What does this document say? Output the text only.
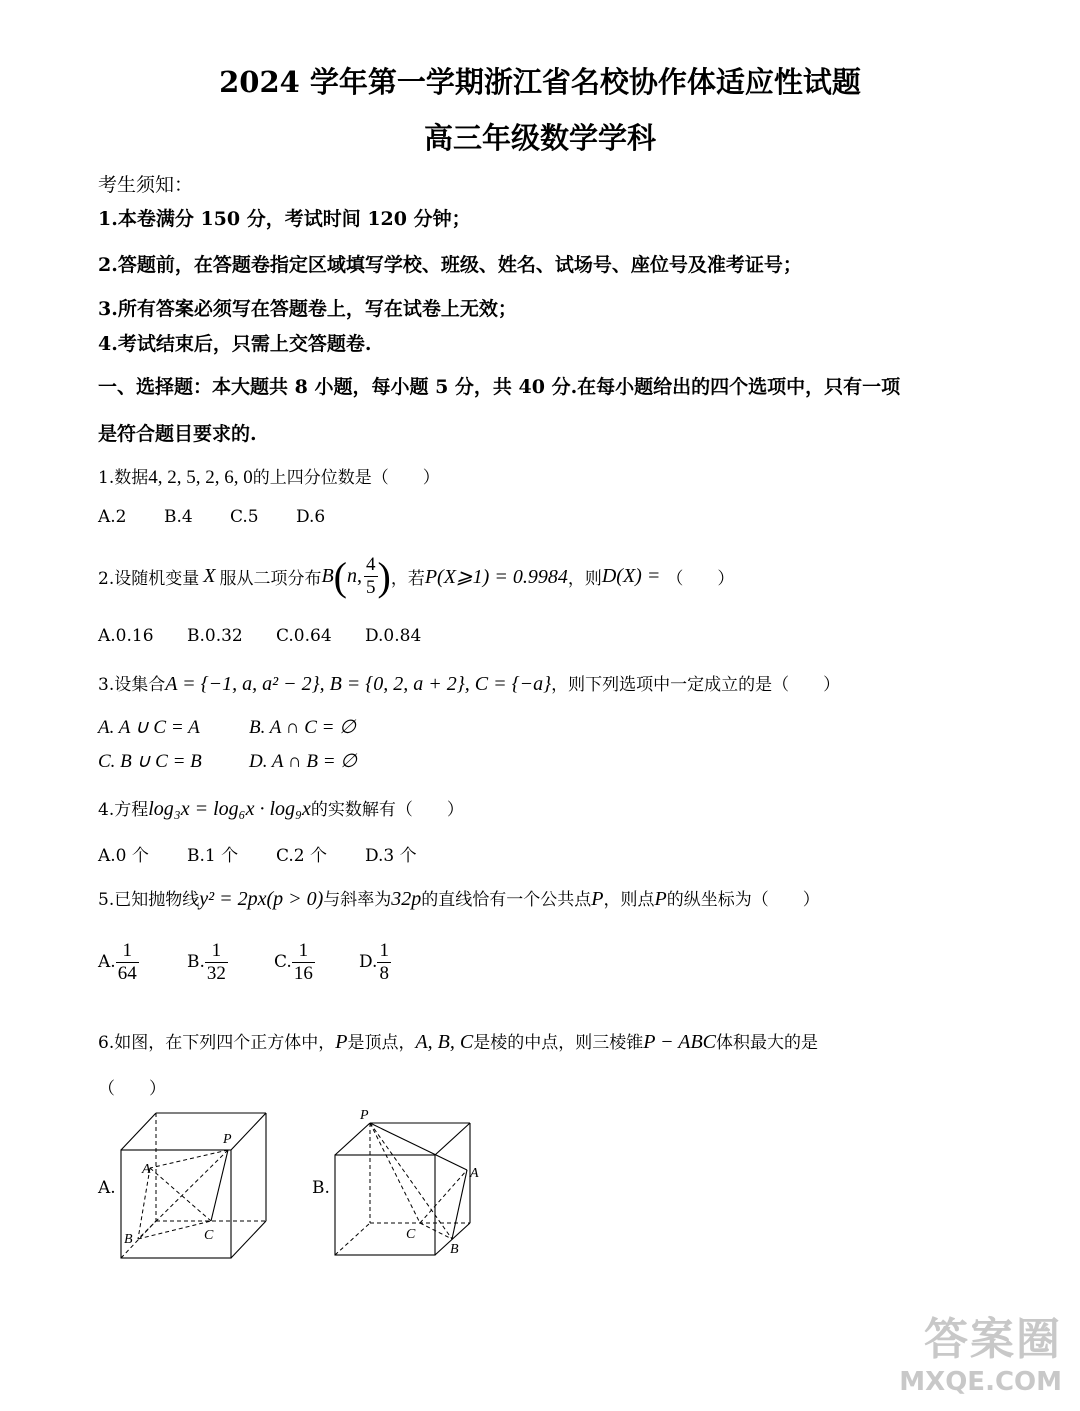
2024 学年第一学期浙江省名校协作体适应性试题
高三年级数学学科
考生须知：
1.本卷满分 150 分，考试时间 120 分钟；
2.答题前，在答题卷指定区域填写学校、班级、姓名、试场号、座位号及准考证号；
3.所有答案必须写在答题卷上，写在试卷上无效；
4.考试结束后，只需上交答题卷.
一、选择题：本大题共 8 小题，每小题 5 分，共 40 分.在每小题给出的四个选项中，只有一项
是符合题目要求的.
1.数据4, 2, 5, 2, 6, 0的上四分位数是（　　）
A.2 B.4 C.5 D.6
2.设随机变量 X 服从二项分布 B ( n , $\frac{4}{5}$ ) ，若 P(X⩾1) = 0.9984 ，则 D(X) = （　　）
A.0.16 B.0.32 C.0.64 D.0.84
3.设集合A = {−1, a, a² − 2}, B = {0, 2, a + 2}, C = {−a}，则下列选项中一定成立的是（　　）
A. A ∪ C = A	B. A ∩ C = ∅
C. B ∪ C = B D. A ∩ B = ∅
4.方程log₃x = log₆x · log₉x的实数解有（　　）
A.0 个 B.1 个 C.2 个 D.3 个
5.已知抛物线y² = 2px(p > 0)与斜率为32p的直线恰有一个公共点P，则点P的纵坐标为（　　）
A. $\frac{1}{64}$	B. $\frac{1}{32}$	C. $\frac{1}{16}$	D. $\frac{1}{8}$
6.如图，在下列四个正方体中，P是顶点，A, B, C是棱的中点，则三棱锥P − ABC体积最大的是
（　　）
A.
P
A
B	C
B.
P
A
B
C
答案圈
MXQE.COM
